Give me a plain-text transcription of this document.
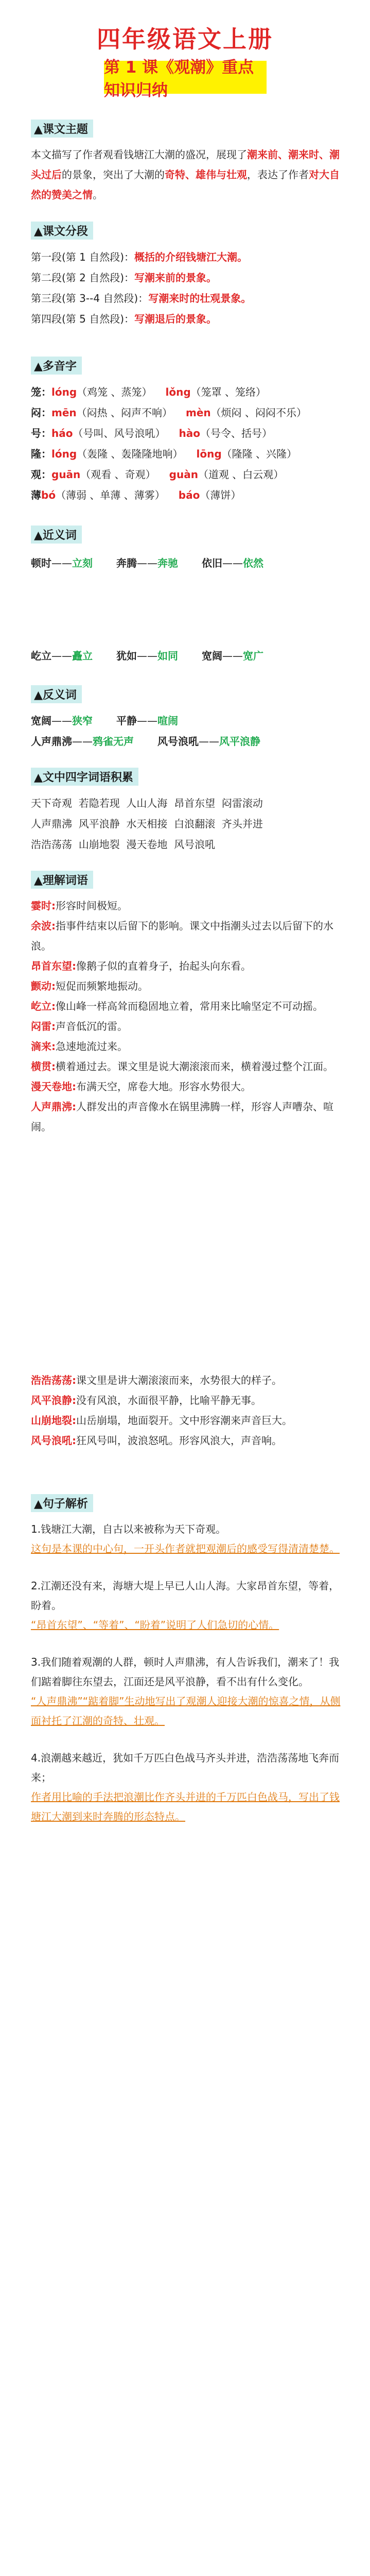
四年级语文上册
第 1 课《观潮》重点知识归纳
▲课文主题

本文描写了作者观看钱塘江大潮的盛况，展现了潮来前、潮来时、潮头过后的景象，突出了大潮的奇特、雄伟与壮观，表达了作者对大自然的赞美之情。

▲课文分段
第一段(第 1 自然段)：概括的介绍钱塘江大潮。
第二段(第 2 自然段)：写潮来前的景象。
第三段(第 3--4 自然段)：写潮来时的壮观景象。
第四段(第 5 自然段)：写潮退后的景象。
▲多音字
笼：lóng（鸡笼 、蒸笼） lǒng（笼罩 、笼络）
闷：mēn（闷热 、闷声不响） mèn（烦闷 、闷闷不乐）
号：háo（号叫、风号浪吼） hào（号令、括号）
隆：lóng（轰隆 、轰隆隆地响） lōng（隆隆 、兴隆）
观：guān（观看 、奇观） guàn（道观 、白云观）
薄bó（薄弱 、单薄 、薄雾） báo（薄饼）
▲近义词
顿时——立刻 奔腾——奔驰 依旧——依然
屹立——矗立 犹如——如同 宽阔——宽广
▲反义词
宽阔——狭窄 平静——喧闹
人声鼎沸——鸦雀无声 风号浪吼——风平浪静
▲文中四字词语积累
天下奇观  若隐若现  人山人海  昂首东望  闷雷滚动
人声鼎沸  风平浪静  水天相接  白浪翻滚  齐头并进
浩浩荡荡  山崩地裂  漫天卷地  风号浪吼
▲理解词语

霎时:形容时间极短。

余波:指事件结束以后留下的影响。课文中指潮头过去以后留下的水浪。

昂首东望:像鹅子似的直着身子，抬起头向东看。

颤动:短促而频繁地振动。

屹立:像山峰一样高耸而稳固地立着，常用来比喻坚定不可动摇。

闷雷:声音低沉的雷。

滴来:急速地流过来。

横贯:横着通过去。课文里是说大潮滚滚而来，横着漫过整个江面。

漫天卷地:布满天空，席卷大地。形容水势很大。

人声鼎沸:人群发出的声音像水在锅里沸腾一样，形容人声嘈杂、喧闹。

浩浩荡荡:课文里是讲大潮滚滚而来，水势很大的样子。

风平浪静:没有风浪，水面很平静，比喻平静无事。

山崩地裂:山岳崩塌，地面裂开。文中形容潮来声音巨大。

风号浪吼:狂风号叫，波浪怒吼。形容风浪大，声音响。

▲句子解析

1.钱塘江大潮，自古以来被称为天下奇观。

这句是本课的中心句，一开头作者就把观潮后的感受写得清清楚楚。

2.江潮还没有来，海塘大堤上早已人山人海。大家昂首东望，等着，盼着。

“昂首东望”、“等着”、“盼着”说明了人们急切的心情。

3.我们随着观潮的人群，顿时人声鼎沸，有人告诉我们，潮来了！我们踮着脚往东望去，江面还是风平浪静，看不出有什么变化。

“人声鼎沸”“踮着脚”生动地写出了观潮人迎接大潮的惊喜之情，从侧面衬托了江潮的奇特、壮观。

4.浪潮越来越近，犹如千万匹白色战马齐头并进，浩浩荡荡地飞奔而来；

作者用比喻的手法把浪潮比作齐头并进的千万匹白色战马，写出了钱塘江大潮到来时奔腾的形态特点。
